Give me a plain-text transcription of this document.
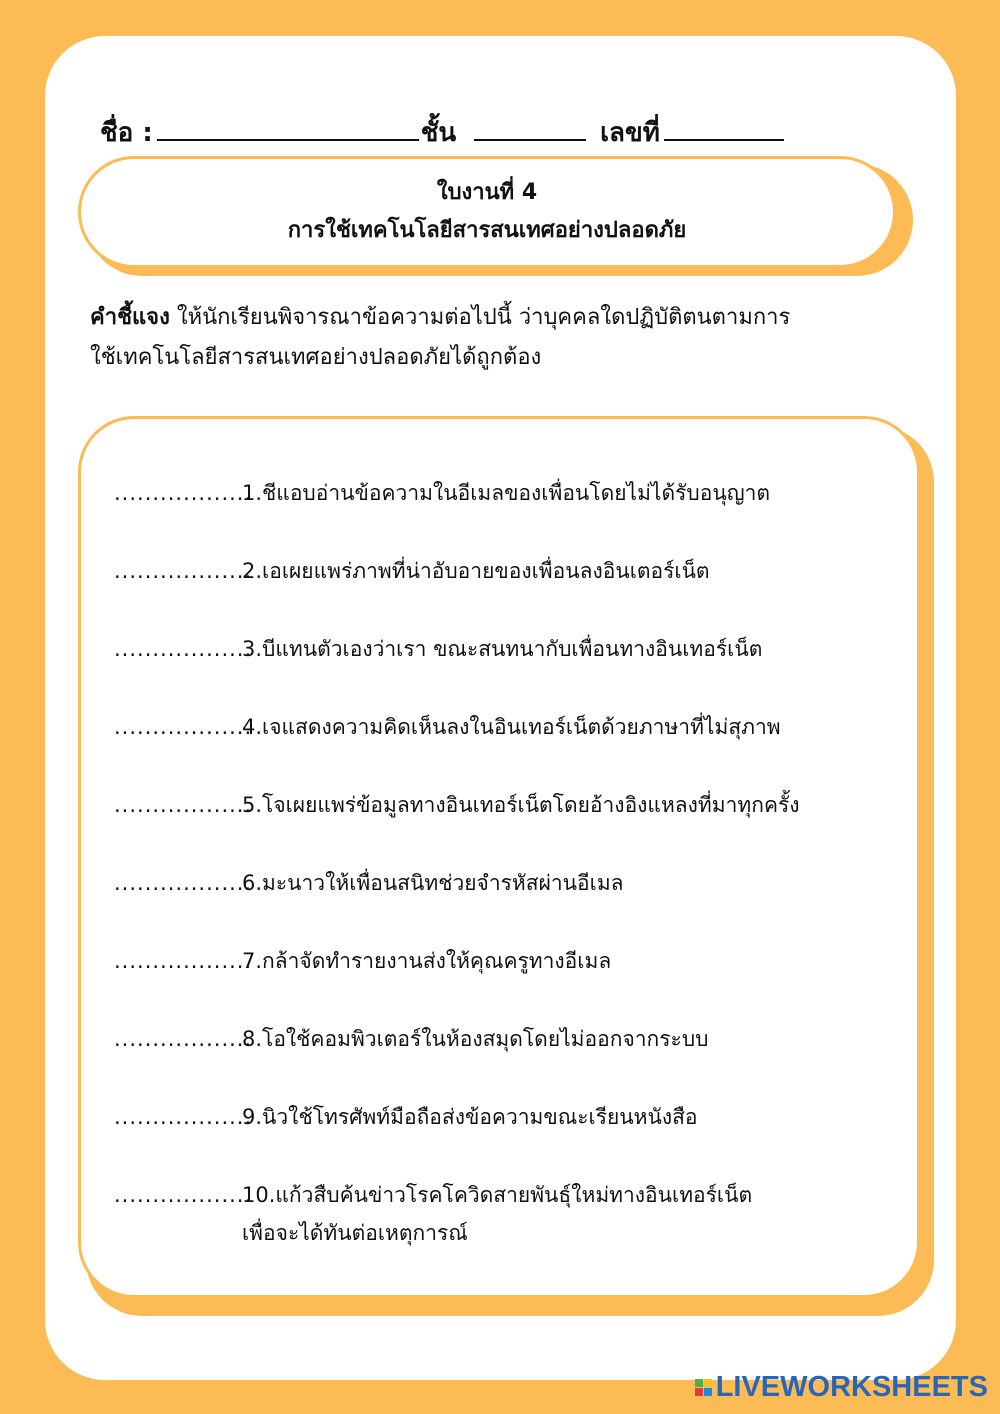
ชื่อ :	ชั้น	เลขที่
ใบงานที่ 4
การใช้เทคโนโลยีสารสนเทศอย่างปลอดภัย
คำชี้แจง ให้นักเรียนพิจารณาข้อความต่อไปนี้ ว่าบุคคลใดปฏิบัติตนตามการ
ใช้เทคโนโลยีสารสนเทศอย่างปลอดภัยได้ถูกต้อง
..................
1.ชีแอบอ่านข้อความในอีเมลของเพื่อนโดยไม่ได้รับอนุญาต
..................
2.เอเผยแพร่ภาพที่น่าอับอายของเพื่อนลงอินเตอร์เน็ต
..................
3.บีแทนตัวเองว่าเรา ขณะสนทนากับเพื่อนทางอินเทอร์เน็ต
..................
4.เจแสดงความคิดเห็นลงในอินเทอร์เน็ตด้วยภาษาที่ไม่สุภาพ
..................
5.โจเผยแพร่ข้อมูลทางอินเทอร์เน็ตโดยอ้างอิงแหลงที่มาทุกครั้ง
..................
6.มะนาวให้เพื่อนสนิทช่วยจำรหัสผ่านอีเมล
..................
7.กล้าจัดทำรายงานส่งให้คุณครูทางอีเมล
..................
8.โอใช้คอมพิวเตอร์ในห้องสมุดโดยไม่ออกจากระบบ
..................
9.นิวใช้โทรศัพท์มือถือส่งข้อความขณะเรียนหนังสือ
..................
10.แก้วสืบค้นข่าวโรคโควิดสายพันธุ์ใหม่ทางอินเทอร์เน็ต
เพื่อจะได้ทันต่อเหตุการณ์
LIVEWORKSHEETS
